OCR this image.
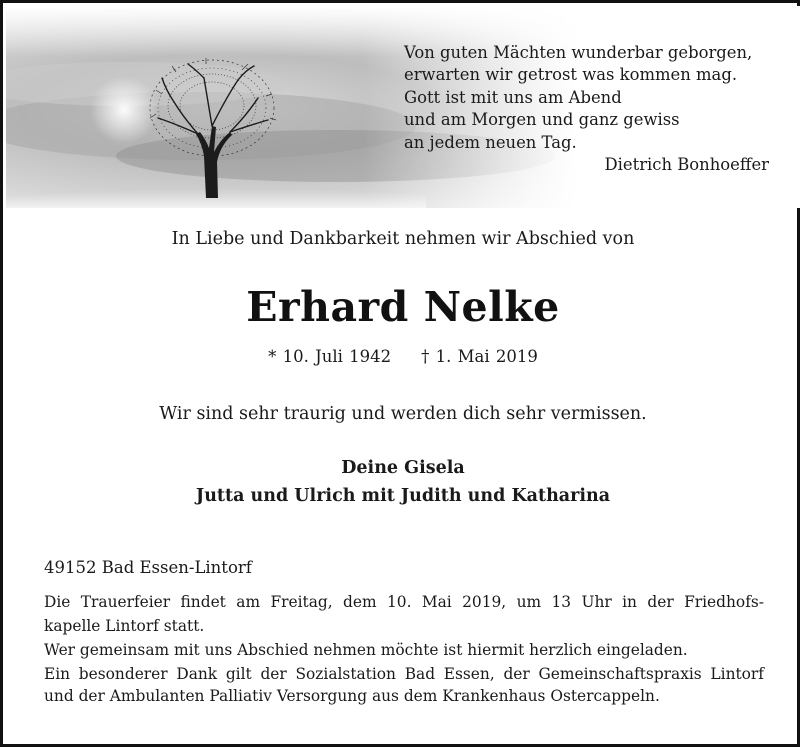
Von guten Mächten wunderbar geborgen,
erwarten wir getrost was kommen mag.
Gott ist mit uns am Abend
und am Morgen und ganz gewiss
an jedem neuen Tag.
Dietrich Bonhoeffer
In Liebe und Dankbarkeit nehmen wir Abschied von
Erhard Nelke
* 10. Juli 1942 † 1. Mai 2019
Wir sind sehr traurig und werden dich sehr vermissen.
Deine Gisela
Jutta und Ulrich mit Judith und Katharina
49152 Bad Essen-Lintorf

Die Trauerfeier findet am Freitag, dem 10. Mai 2019, um 13 Uhr in der Friedhofs-

kapelle Lintorf statt.

Wer gemeinsam mit uns Abschied nehmen möchte ist hiermit herzlich eingeladen.

Ein besonderer Dank gilt der Sozialstation Bad Essen, der Gemeinschaftspraxis Lintorf

und der Ambulanten Palliativ Versorgung aus dem Krankenhaus Ostercappeln.
